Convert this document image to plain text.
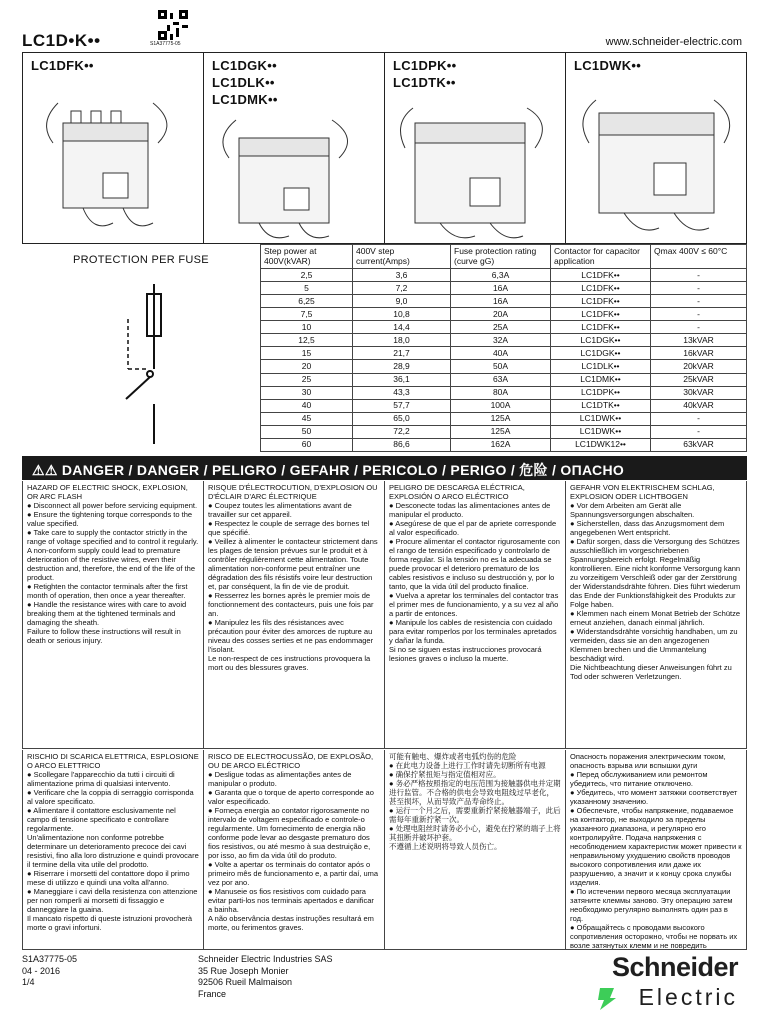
LC1D•K••	S1A37775-05	www.schneider-electric.com
LC1DFK••	LC1DGK••
LC1DLK••
LC1DMK••
LC1DPK••
LC1DTK••
LC1DWK••
PROTECTION PER FUSE
Step power at 400V(kVAR)	400V step current(Amps)	Fuse protection rating (curve gG)	Contactor for capacitor application	Qmax 400V ≤ 60°C
2,5	3,6	6,3A	LC1DFK••	-
5	7,2	16A	LC1DFK••	-
6,25	9,0	16A	LC1DFK••	-
7,5	10,8	20A	LC1DFK••	-
10	14,4	25A	LC1DFK••	-
12,5	18,0	32A	LC1DGK••	13kVAR
15	21,7	40A	LC1DGK••	16kVAR
20	28,9	50A	LC1DLK••	20kVAR
25	36,1	63A	LC1DMK••	25kVAR
30	43,3	80A	LC1DPK••	30kVAR
40	57,7	100A	LC1DTK••	40kVAR
45	65,0	125A	LC1DWK••	-
50	72,2	125A	LC1DWK••	-
60	86,6	162A	LC1DWK12••	63kVAR
⚠⚠ DANGER / DANGER / PELIGRO / GEFAHR / PERICOLO / PERIGO / 危险 / ОПАСНО

HAZARD OF ELECTRIC SHOCK, EXPLOSION, OR ARC FLASH

● Disconnect all power before servicing equipment.

● Ensure the tightening torque corresponds to the value specified.

● Take care to supply the contactor strictly in the range of voltage specified and to control it regularly. A non-conform supply could lead to premature deterioration of the resistive wires, even their destruction and, therefore, the end of the life of the product.

● Retighten the contactor terminals after the first month of operation, then once a year thereafter.

● Handle the resistance wires with care to avoid breaking them at the tightened terminals and damaging the sheath.

Failure to follow these instructions will result in death or serious injury.

RISQUE D'ÉLECTROCUTION, D'EXPLOSION OU D'ÉCLAIR D'ARC ÉLECTRIQUE

● Coupez toutes les alimentations avant de travailler sur cet appareil.

● Respectez le couple de serrage des bornes tel que spécifié.

● Veillez à alimenter le contacteur strictement dans les plages de tension prévues sur le produit et à contrôler régulièrement cette alimentation. Toute alimentation non-conforme peut entraîner une dégradation des fils résistifs voire leur destruction et, par conséquent, la fin de vie de produit.

● Resserrez les bornes après le premier mois de fonctionnement des contacteurs, puis une fois par an.

● Manipulez les fils des résistances avec précaution pour éviter des amorces de rupture au niveau des cosses serties et ne pas endommager l'isolant.

Le non-respect de ces instructions provoquera la mort ou des blessures graves.

PELIGRO DE DESCARGA ELÉCTRICA, EXPLOSIÓN O ARCO ELÉCTRICO

● Desconecte todas las alimentaciones antes de manipular el producto.

● Asegúrese de que el par de apriete corresponde al valor especificado.

● Procure alimentar el contactor rigurosamente con el rango de tensión especificado y controlarlo de forma regular. Si la tensión no es la adecuada se puede provocar el deterioro prematuro de los cables resistivos e incluso su destrucción y, por lo tanto, que la vida útil del producto finalice.

● Vuelva a apretar los terminales del contactor tras el primer mes de funcionamiento, y a su vez al año a partir de entonces.

● Manipule los cables de resistencia con cuidado para evitar romperlos por los terminales apretados y dañar la funda.

Si no se siguen estas instrucciones provocará lesiones graves o incluso la muerte.

GEFAHR VON ELEKTRISCHEM SCHLAG, EXPLOSION ODER LICHTBOGEN

● Vor dem Arbeiten am Gerät alle Spannungsversorgungen abschalten.

● Sicherstellen, dass das Anzugsmoment dem angegebenen Wert entspricht.

● Dafür sorgen, dass die Versorgung des Schützes ausschließlich im vorgeschriebenen Spannungsbereich erfolgt. Regelmäßig kontrollieren. Eine nicht konforme Versorgung kann zu vorzeitigem Verschleiß oder gar der Zerstörung der Widerstandsdrähte führen. Dies führt wiederum das Ende der Funktionsfähigkeit des Produkts zur Folge haben.

● Klemmen nach einem Monat Betrieb der Schütze erneut anziehen, danach einmal jährlich.

● Widerstandsdrähte vorsichtig handhaben, um zu vermeiden, dass sie an den angezogenen Klemmen brechen und die Ummantelung beschädigt wird.

Die Nichtbeachtung dieser Anweisungen führt zu Tod oder schweren Verletzungen.

RISCHIO DI SCARICA ELETTRICA, ESPLOSIONE O ARCO ELETTRICO

● Scollegare l'apparecchio da tutti i circuiti di alimentazione prima di qualsiasi intervento.

● Verificare che la coppia di serraggio corrisponda al valore specificato.

● Alimentare il contattore esclusivamente nel campo di tensione specificato e controllare regolarmente.

Un'alimentazione non conforme potrebbe determinare un deterioramento precoce dei cavi resistivi, fino alla loro distruzione e quindi provocare il termine della vita utile del prodotto.

● Riserrare i morsetti del contattore dopo il primo mese di utilizzo e quindi una volta all'anno.

● Maneggiare i cavi della resistenza con attenzione per non romperli ai morsetti di fissaggio e danneggiare la guaina.

Il mancato rispetto di queste istruzioni provocherà morte o gravi infortuni.

RISCO DE ELECTROCUSSÃO, DE EXPLOSÃO, OU DE ARCO ELÉCTRICO

● Desligue todas as alimentações antes de manipular o produto.

● Garanta que o torque de aperto corresponde ao valor especificado.

● Forneça energia ao contator rigorosamente no intervalo de voltagem especificado e controle-o regularmente. Um fornecimento de energia não conforme pode levar ao desgaste prematuro dos fios resistivos, ou até mesmo à sua destruição e, por isso, ao fim da vida útil do produto.

● Volte a apertar os terminais do contator após o primeiro mês de funcionamento e, a partir daí, uma vez por ano.

● Manuseie os fios resistivos com cuidado para evitar parti-los nos terminais apertados e danificar a bainha.

A não observância destas instruções resultará em morte, ou ferimentos graves.

可能有触电、爆炸或者电弧灼伤的危险

● 在此电力设备上进行工作时请先切断所有电源

● 确保拧紧扭矩与指定值相对应。

● 务必严格按照指定的电压范围为接触器供电并定期进行监管。不合格的供电会导致电阻线过早老化，甚至损坏，从而导致产品寿命终止。

● 运行一个月之后，需要重新拧紧接触器端子，此后需每年重新拧紧一次。

● 处理电阻丝时请务必小心，避免在拧紧的端子上将其扭断并破坏护套。

不遵循上述说明将导致人员伤亡。

Опасность поражения электрическим током, опасность взрыва или вспышки дуги

● Перед обслуживанием или ремонтом убедитесь, что питание отключено.

● Убедитесь, что момент затяжки соответствует указанному значению.

● Обеспечьте, чтобы напряжение, подаваемое на контактор, не выходило за пределы указанного диапазона, и регулярно его контролируйте. Подача напряжения с несоблюдением характеристик может привести к неправильному ухудшению свойств проводов высокого сопротивления или даже их разрушению, а значит и к концу срока службы изделия.

● По истечении первого месяца эксплуатации затяните клеммы заново. Эту операцию затем необходимо регулярно выполнять один раз в год.

● Обращайтесь с проводами высокого сопротивления осторожно, чтобы не порвать их возле затянутых клемм и не повредить

S1A37775-05
04 - 2016
1/4
Schneider Electric Industries SAS
35 Rue Joseph Monier
92506 Rueil Malmaison
France
Schneider
Electric
